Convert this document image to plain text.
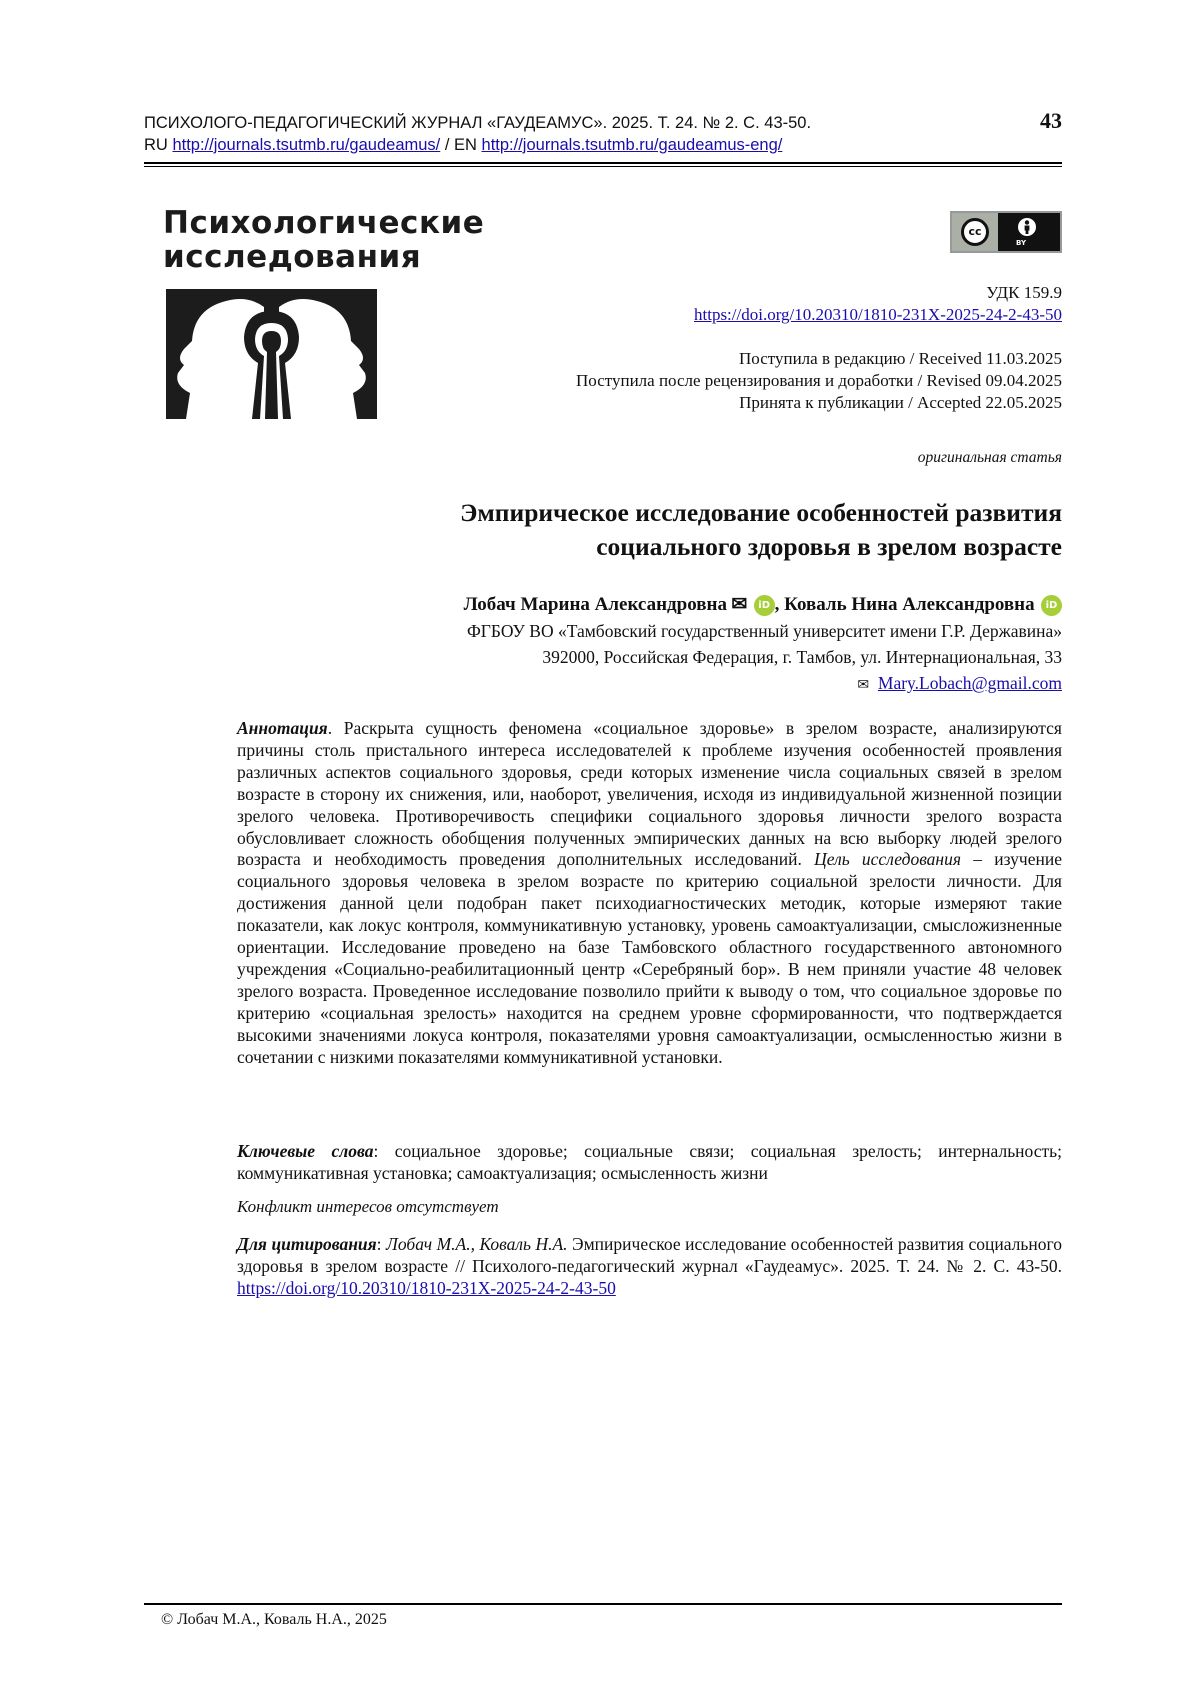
ПСИХОЛОГО-ПЕДАГОГИЧЕСКИЙ ЖУРНАЛ «ГАУДЕАМУС». 2025. Т. 24. № 2. С. 43-50.
RU http://journals.tsutmb.ru/gaudeamus/ / EN http://journals.tsutmb.ru/gaudeamus-eng/
43
Психологические
исследования
cc
BY
УДК 159.9
https://doi.org/10.20310/1810-231X-2025-24-2-43-50
Поступила в редакцию / Received 11.03.2025
Поступила после рецензирования и доработки / Revised 09.04.2025
Принята к публикации / Accepted 22.05.2025
оригинальная статья
Эмпирическое исследование особенностей развития
социального здоровья в зрелом возрасте
Лобач Марина Александровна ✉ iD , Коваль Нина Александровна iD
ФГБОУ ВО «Тамбовский государственный университет имени Г.Р. Державина»
392000, Российская Федерация, г. Тамбов, ул. Интернациональная, 33
✉ Mary.Lobach@gmail.com
Аннотация. Раскрыта сущность феномена «социальное здоровье» в зрелом возрасте, анализируются причины столь пристального интереса исследователей к проблеме изучения особенностей проявления различных аспектов социального здоровья, среди которых изменение числа социальных связей в зрелом возрасте в сторону их снижения, или, наоборот, увеличения, исходя из индивидуальной жизненной позиции зрелого человека. Противоречивость специфики социального здоровья личности зрелого возраста обусловливает сложность обобщения полученных эмпирических данных на всю выборку людей зрелого возраста и необходимость проведения дополнительных исследований. Цель исследования – изучение социального здоровья человека в зрелом возрасте по критерию социальной зрелости личности. Для достижения данной цели подобран пакет психодиагностических методик, которые измеряют такие показатели, как локус контроля, коммуникативную установку, уровень самоактуализации, смысложизненные ориентации. Исследование проведено на базе Тамбовского областного государственного автономного учреждения «Социально-реабилитационный центр «Серебряный бор». В нем приняли участие 48 человек зрелого возраста. Проведенное исследование позволило прийти к выводу о том, что социальное здоровье по критерию «социальная зрелость» находится на среднем уровне сформированности, что подтверждается высокими значениями локуса контроля, показателями уровня самоактуализации, осмысленностью жизни в сочетании с низкими показателями коммуникативной установки.
Ключевые слова: социальное здоровье; социальные связи; социальная зрелость; интернальность; коммуникативная установка; самоактуализация; осмысленность жизни
Конфликт интересов отсутствует
Для цитирования: Лобач М.А., Коваль Н.А. Эмпирическое исследование особенностей развития социального здоровья в зрелом возрасте // Психолого-педагогический журнал «Гаудеамус». 2025. Т. 24. № 2. С. 43-50. https://doi.org/10.20310/1810-231X-2025-24-2-43-50
© Лобач М.А., Коваль Н.А., 2025
